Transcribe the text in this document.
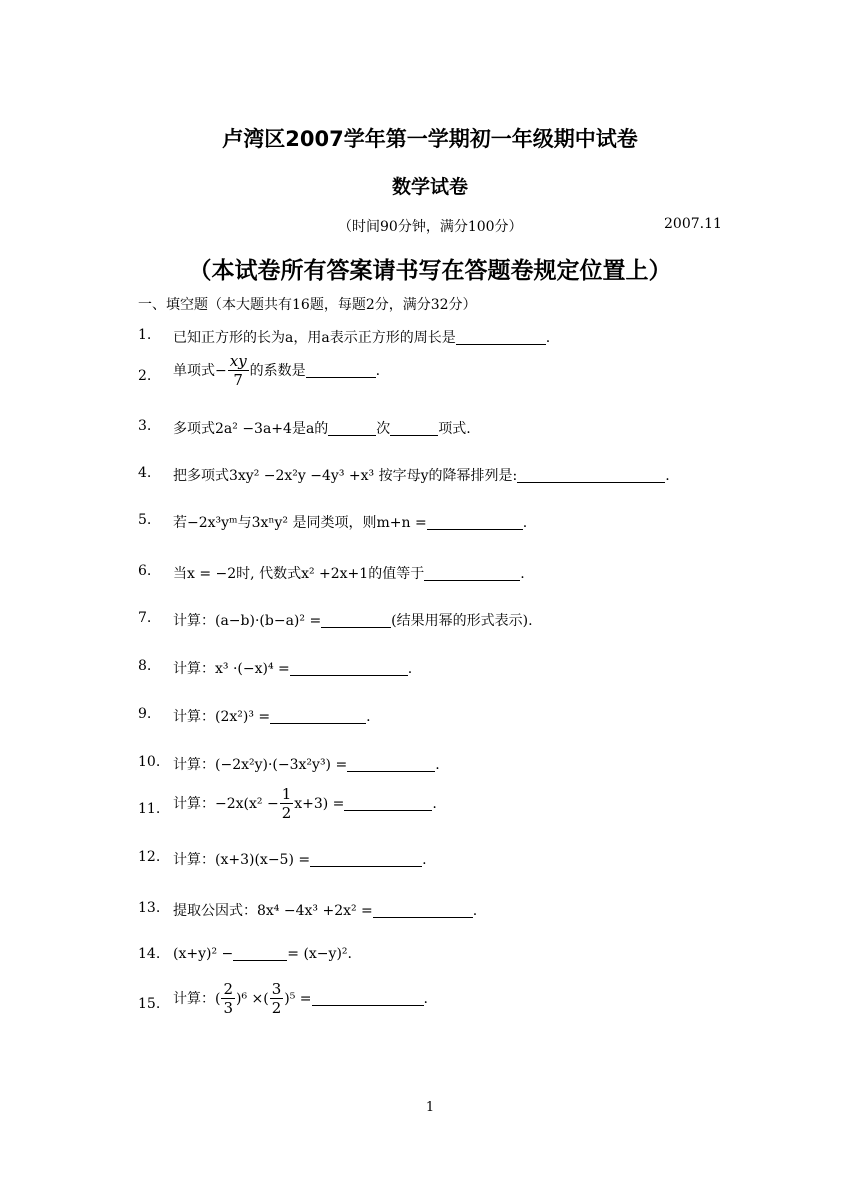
卢湾区2007学年第一学期初一年级期中试卷
数学试卷
（时间90分钟，满分100分）	2007.11
（本试卷所有答案请书写在答题卷规定位置上）
一、填空题（本大题共有16题，每题2分，满分32分）
1. 已知正方形的长为a，用a表示正方形的周长是	.
2. 单项式− $\frac{xy}{7}$ 的系数是	.
3. 多项式2a² −3a+4是a的	次	项式.
4. 把多项式3xy² −2x²y −4y³ +x³ 按字母y的降幂排列是:	.
5. 若−2x³yᵐ与3xⁿy² 是同类项，则m+n =	.
6. 当x = −2时, 代数式x² +2x+1的值等于	.
7. 计算：(a−b)·(b−a)² =	(结果用幂的形式表示).
8. 计算：x³ ·(−x)⁴ =	.
9. 计算：(2x²)³ =	.
10. 计算：(−2x²y)·(−3x²y³) =	.
11. 计算：$-2x(x^2 - \frac{1}{2} x+3)$ =	.
12. 计算：(x+3)(x−5) =	.
13. 提取公因式：8x⁴ −4x³ +2x² =	.
14. (x+y)² −	= (x−y)².
15. 计算：( $\frac{2}{3} )^6$ ×( $\frac{3}{2} )^5$ =	.
1
